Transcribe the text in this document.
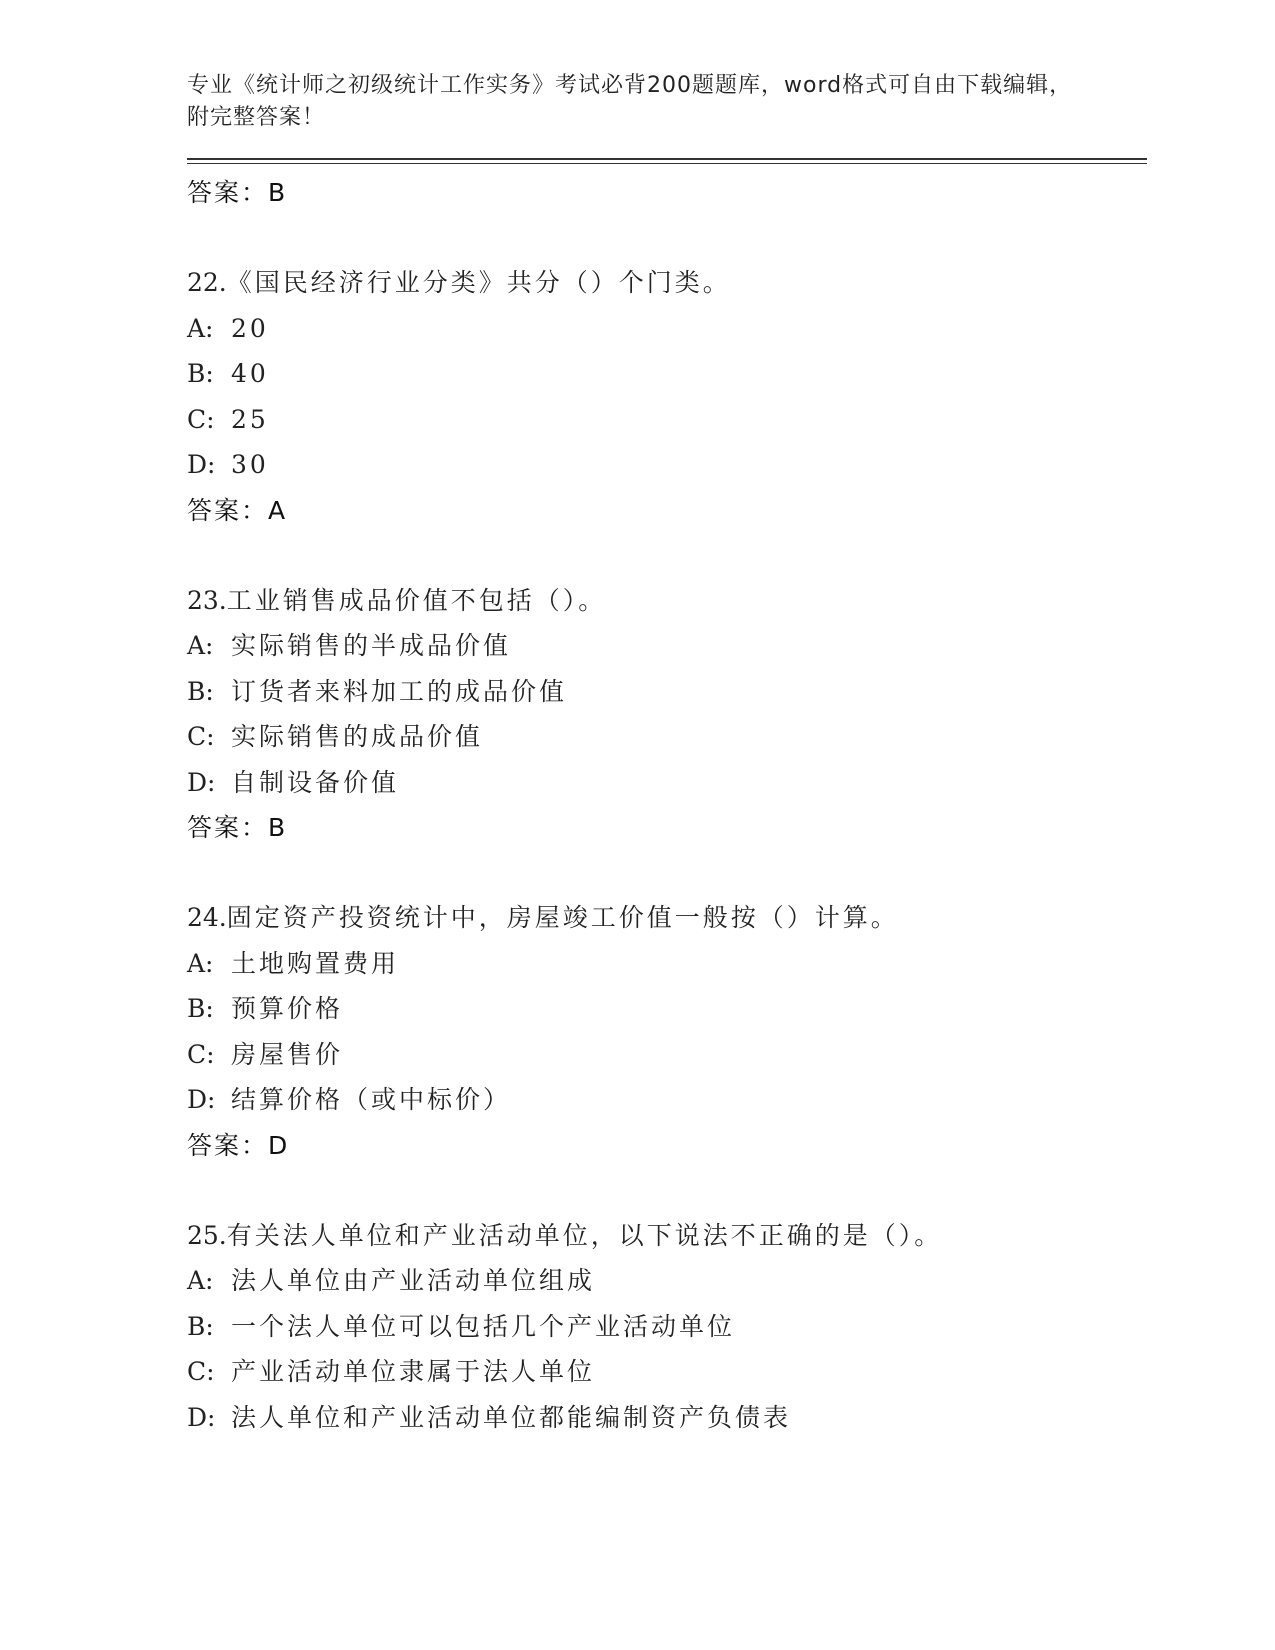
专业《统计师之初级统计工作实务》考试必背200题题库，word格式可自由下载编辑，附完整答案！
答案：B
22.《国民经济行业分类》共分（）个门类。
A: 20
B: 40
C: 25
D: 30
答案：A
23.工业销售成品价值不包括（）。
A: 实际销售的半成品价值
B: 订货者来料加工的成品价值
C: 实际销售的成品价值
D: 自制设备价值
答案：B
24.固定资产投资统计中，房屋竣工价值一般按（）计算。
A: 土地购置费用
B: 预算价格
C: 房屋售价
D: 结算价格（或中标价）
答案：D
25.有关法人单位和产业活动单位，以下说法不正确的是（）。
A: 法人单位由产业活动单位组成
B: 一个法人单位可以包括几个产业活动单位
C: 产业活动单位隶属于法人单位
D: 法人单位和产业活动单位都能编制资产负债表
